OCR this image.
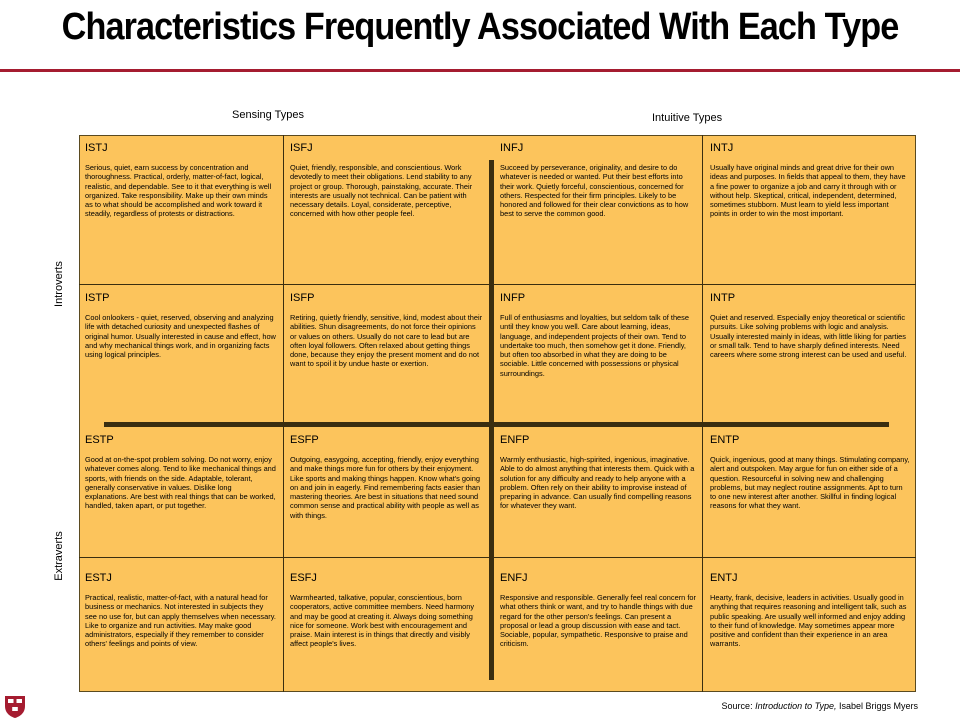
Characteristics Frequently Associated With Each Type
Sensing Types	Intuitive Types
Introverts
Extraverts
ISTJ
Serious, quiet, earn success by concentration and thoroughness. Practical, orderly, matter-of-fact, logical, realistic, and dependable. See to it that everything is well organized. Take responsibility. Make up their own minds as to what should be accomplished and work toward it steadily, regardless of protests or distractions.
ISFJ
Quiet, friendly, responsible, and conscientious. Work devotedly to meet their obligations. Lend stability to any project or group. Thorough, painstaking, accurate. Their interests are usually not technical. Can be patient with necessary details. Loyal, considerate, perceptive, concerned with how other people feel.
INFJ
Succeed by perseverance, originality, and desire to do whatever is needed or wanted. Put their best efforts into their work. Quietly forceful, conscientious, concerned for others. Respected for their firm principles. Likely to be honored and followed for their clear convictions as to how best to serve the common good.
INTJ
Usually have original minds and great drive for their own ideas and purposes. In fields that appeal to them, they have a fine power to organize a job and carry it through with or without help. Skeptical, critical, independent, determined, sometimes stubborn. Must learn to yield less important points in order to win the most important.
ISTP
Cool onlookers - quiet, reserved, observing and analyzing life with detached curiosity and unexpected flashes of original humor. Usually interested in cause and effect, how and why mechanical things work, and in organizing facts using logical principles.
ISFP
Retiring, quietly friendly, sensitive, kind, modest about their abilities. Shun disagreements, do not force their opinions or values on others. Usually do not care to lead but are often loyal followers. Often relaxed about getting things done, because they enjoy the present moment and do not want to spoil it by undue haste or exertion.
INFP
Full of enthusiasms and loyalties, but seldom talk of these until they know you well. Care about learning, ideas, language, and independent projects of their own. Tend to undertake too much, then somehow get it done. Friendly, but often too absorbed in what they are doing to be sociable. Little concerned with possessions or physical surroundings.
INTP
Quiet and reserved. Especially enjoy theoretical or scientific pursuits. Like solving problems with logic and analysis. Usually interested mainly in ideas, with little liking for parties or small talk. Tend to have sharply defined interests. Need careers where some strong interest can be used and useful.
ESTP
Good at on-the-spot problem solving. Do not worry, enjoy whatever comes along. Tend to like mechanical things and sports, with friends on the side. Adaptable, tolerant, generally conservative in values. Dislike long explanations. Are best with real things that can be worked, handled, taken apart, or put together.
ESFP
Outgoing, easygoing, accepting, friendly, enjoy everything and make things more fun for others by their enjoyment. Like sports and making things happen. Know what's going on and join in eagerly. Find remembering facts easier than mastering theories. Are best in situations that need sound common sense and practical ability with people as well as with things.
ENFP
Warmly enthusiastic, high-spirited, ingenious, imaginative. Able to do almost anything that interests them. Quick with a solution for any difficulty and ready to help anyone with a problem. Often rely on their ability to improvise instead of preparing in advance. Can usually find compelling reasons for whatever they want.
ENTP
Quick, ingenious, good at many things. Stimulating company, alert and outspoken. May argue for fun on either side of a question. Resourceful in solving new and challenging problems, but may neglect routine assignments. Apt to turn to one new interest after another. Skillful in finding logical reasons for what they want.
ESTJ
Practical, realistic, matter-of-fact, with a natural head for business or mechanics. Not interested in subjects they see no use for, but can apply themselves when necessary. Like to organize and run activities. May make good administrators, especially if they remember to consider others' feelings and points of view.
ESFJ
Warmhearted, talkative, popular, conscientious, born cooperators, active committee members. Need harmony and may be good at creating it. Always doing something nice for someone. Work best with encouragement and praise. Main interest is in things that directly and visibly affect people's lives.
ENFJ
Responsive and responsible. Generally feel real concern for what others think or want, and try to handle things with due regard for the other person's feelings. Can present a proposal or lead a group discussion with ease and tact. Sociable, popular, sympathetic. Responsive to praise and criticism.
ENTJ
Hearty, frank, decisive, leaders in activities. Usually good in anything that requires reasoning and intelligent talk, such as public speaking. Are usually well informed and enjoy adding to their fund of knowledge. May sometimes appear more positive and confident than their experience in an area warrants.
Source: Introduction to Type, Isabel Briggs Myers
